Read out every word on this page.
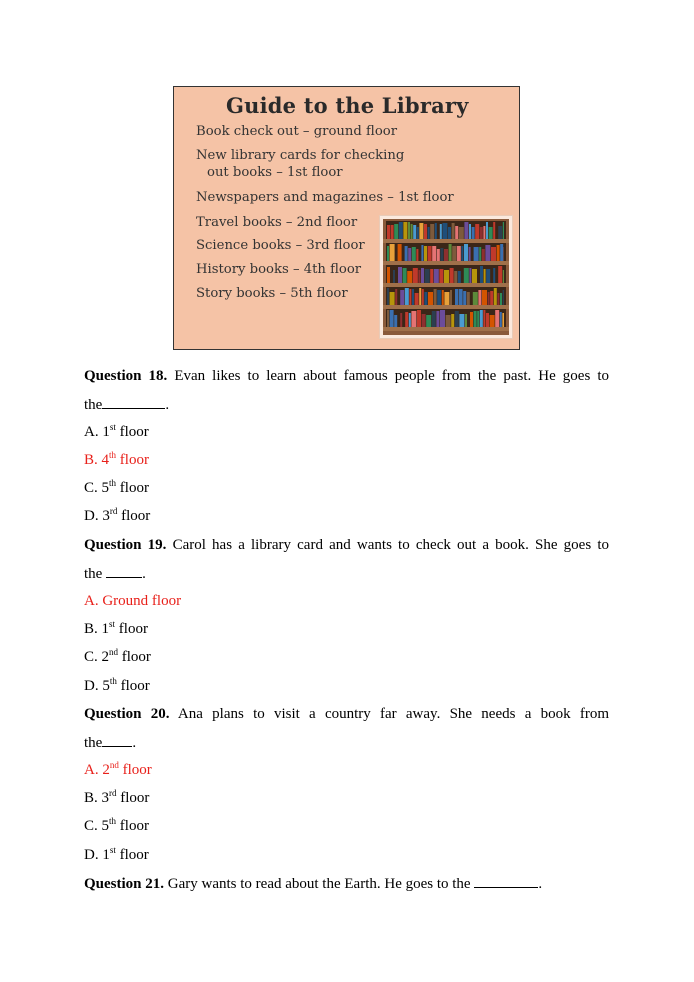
Guide to the Library
Book check out – ground floor
New library cards for checking
out books – 1st floor
Newspapers and magazines – 1st floor
Travel books – 2nd floor
Science books – 3rd floor
History books – 4th floor
Story books – 5th floor
Question 18. Evan likes to learn about famous people from the past. He goes to
the	.
A. 1st floor
B. 4th floor
C. 5th floor
D. 3rd floor
Question 19. Carol has a library card and wants to check out a book. She goes to
the .
A. Ground floor
B. 1st floor
C. 2nd floor
D. 5th floor
Question 20. Ana plans to visit a country far away. She needs a book from
the .
A. 2nd floor
B. 3rd floor
C. 5th floor
D. 1st floor
Question 21. Gary wants to read about the Earth. He goes to the	.
